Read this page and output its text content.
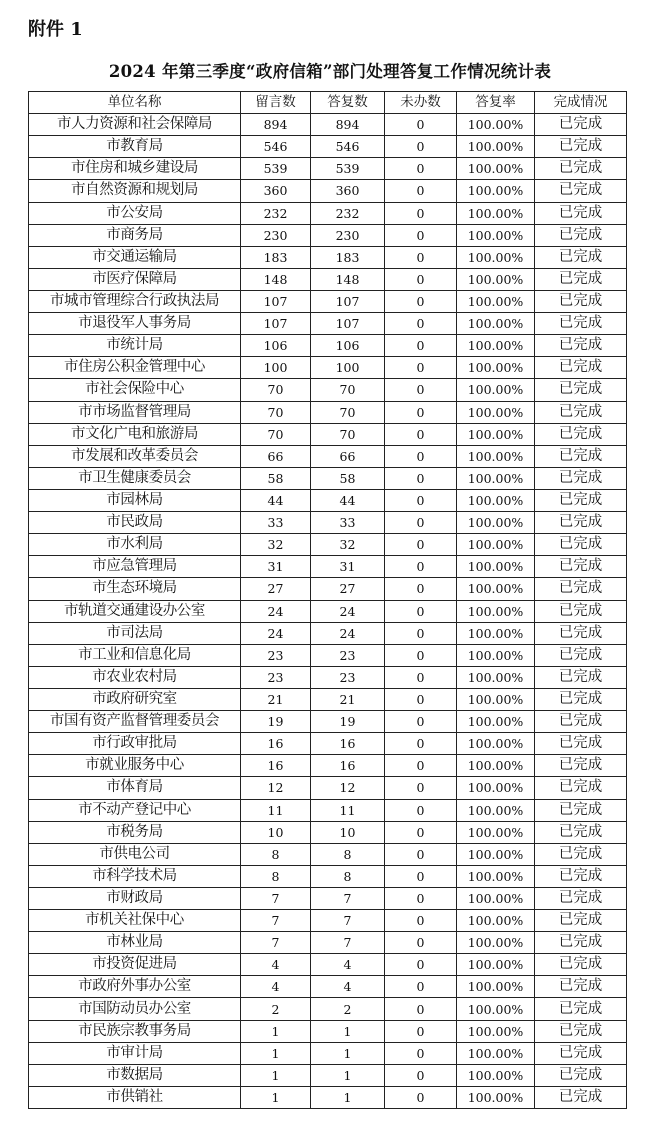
附件 1
2024 年第三季度“政府信箱”部门处理答复工作情况统计表
单位名称	留言数	答复数	未办数	答复率	完成情况
市人力资源和社会保障局	894	894	0	100.00%	已完成
市教育局	546	546	0	100.00%	已完成
市住房和城乡建设局	539	539	0	100.00%	已完成
市自然资源和规划局	360	360	0	100.00%	已完成
市公安局	232	232	0	100.00%	已完成
市商务局	230	230	0	100.00%	已完成
市交通运输局	183	183	0	100.00%	已完成
市医疗保障局	148	148	0	100.00%	已完成
市城市管理综合行政执法局	107	107	0	100.00%	已完成
市退役军人事务局	107	107	0	100.00%	已完成
市统计局	106	106	0	100.00%	已完成
市住房公积金管理中心	100	100	0	100.00%	已完成
市社会保险中心	70	70	0	100.00%	已完成
市市场监督管理局	70	70	0	100.00%	已完成
市文化广电和旅游局	70	70	0	100.00%	已完成
市发展和改革委员会	66	66	0	100.00%	已完成
市卫生健康委员会	58	58	0	100.00%	已完成
市园林局	44	44	0	100.00%	已完成
市民政局	33	33	0	100.00%	已完成
市水利局	32	32	0	100.00%	已完成
市应急管理局	31	31	0	100.00%	已完成
市生态环境局	27	27	0	100.00%	已完成
市轨道交通建设办公室	24	24	0	100.00%	已完成
市司法局	24	24	0	100.00%	已完成
市工业和信息化局	23	23	0	100.00%	已完成
市农业农村局	23	23	0	100.00%	已完成
市政府研究室	21	21	0	100.00%	已完成
市国有资产监督管理委员会	19	19	0	100.00%	已完成
市行政审批局	16	16	0	100.00%	已完成
市就业服务中心	16	16	0	100.00%	已完成
市体育局	12	12	0	100.00%	已完成
市不动产登记中心	11	11	0	100.00%	已完成
市税务局	10	10	0	100.00%	已完成
市供电公司	8	8	0	100.00%	已完成
市科学技术局	8	8	0	100.00%	已完成
市财政局	7	7	0	100.00%	已完成
市机关社保中心	7	7	0	100.00%	已完成
市林业局	7	7	0	100.00%	已完成
市投资促进局	4	4	0	100.00%	已完成
市政府外事办公室	4	4	0	100.00%	已完成
市国防动员办公室	2	2	0	100.00%	已完成
市民族宗教事务局	1	1	0	100.00%	已完成
市审计局	1	1	0	100.00%	已完成
市数据局	1	1	0	100.00%	已完成
市供销社	1	1	0	100.00%	已完成
